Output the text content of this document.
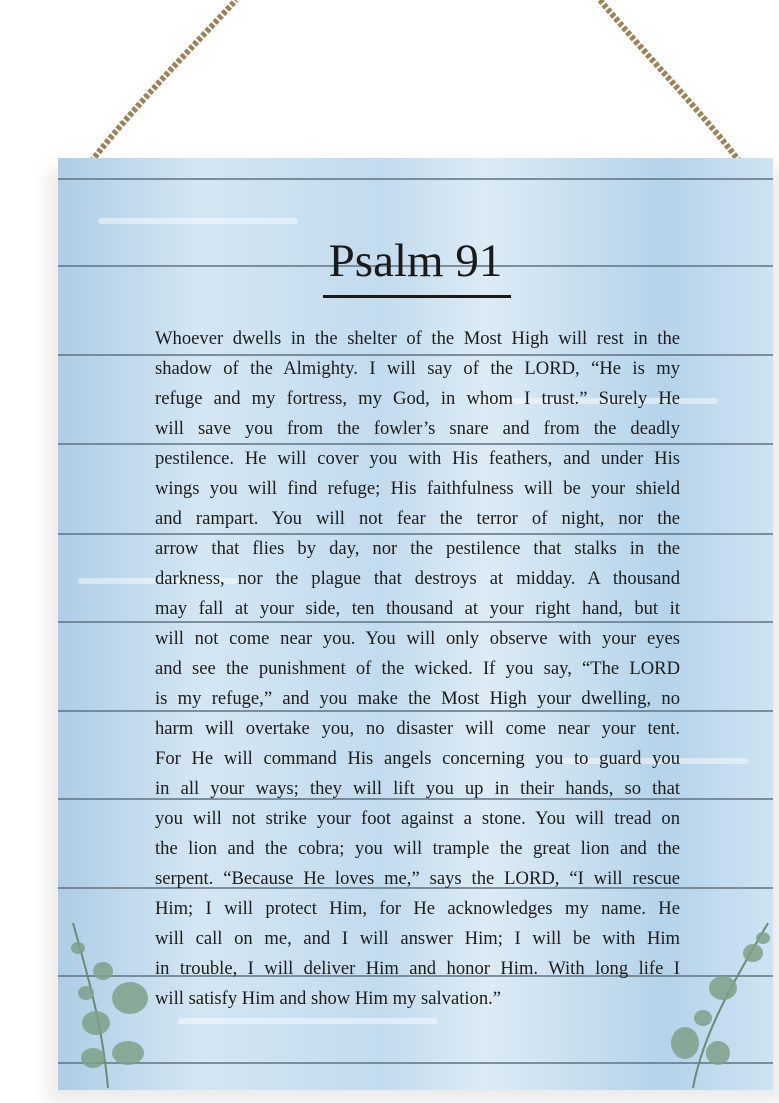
Psalm 91
Whoever dwells in the shelter of the Most High will rest in the
shadow of the Almighty. I will say of the LORD, “He is my
refuge and my fortress, my God, in whom I trust.” Surely He
will save you from the fowler’s snare and from the deadly
pestilence. He will cover you with His feathers, and under His
wings you will find refuge; His faithfulness will be your shield
and rampart. You will not fear the terror of night, nor the
arrow that flies by day, nor the pestilence that stalks in the
darkness, nor the plague that destroys at midday. A thousand
may fall at your side, ten thousand at your right hand, but it
will not come near you. You will only observe with your eyes
and see the punishment of the wicked. If you say, “The LORD
is my refuge,” and you make the Most High your dwelling, no
harm will overtake you, no disaster will come near your tent.
For He will command His angels concerning you to guard you
in all your ways; they will lift you up in their hands, so that
you will not strike your foot against a stone. You will tread on
the lion and the cobra; you will trample the great lion and the
serpent. “Because He loves me,” says the LORD, “I will rescue
Him; I will protect Him, for He acknowledges my name. He
will call on me, and I will answer Him; I will be with Him
in trouble, I will deliver Him and honor Him. With long life I
will satisfy Him and show Him my salvation.”
